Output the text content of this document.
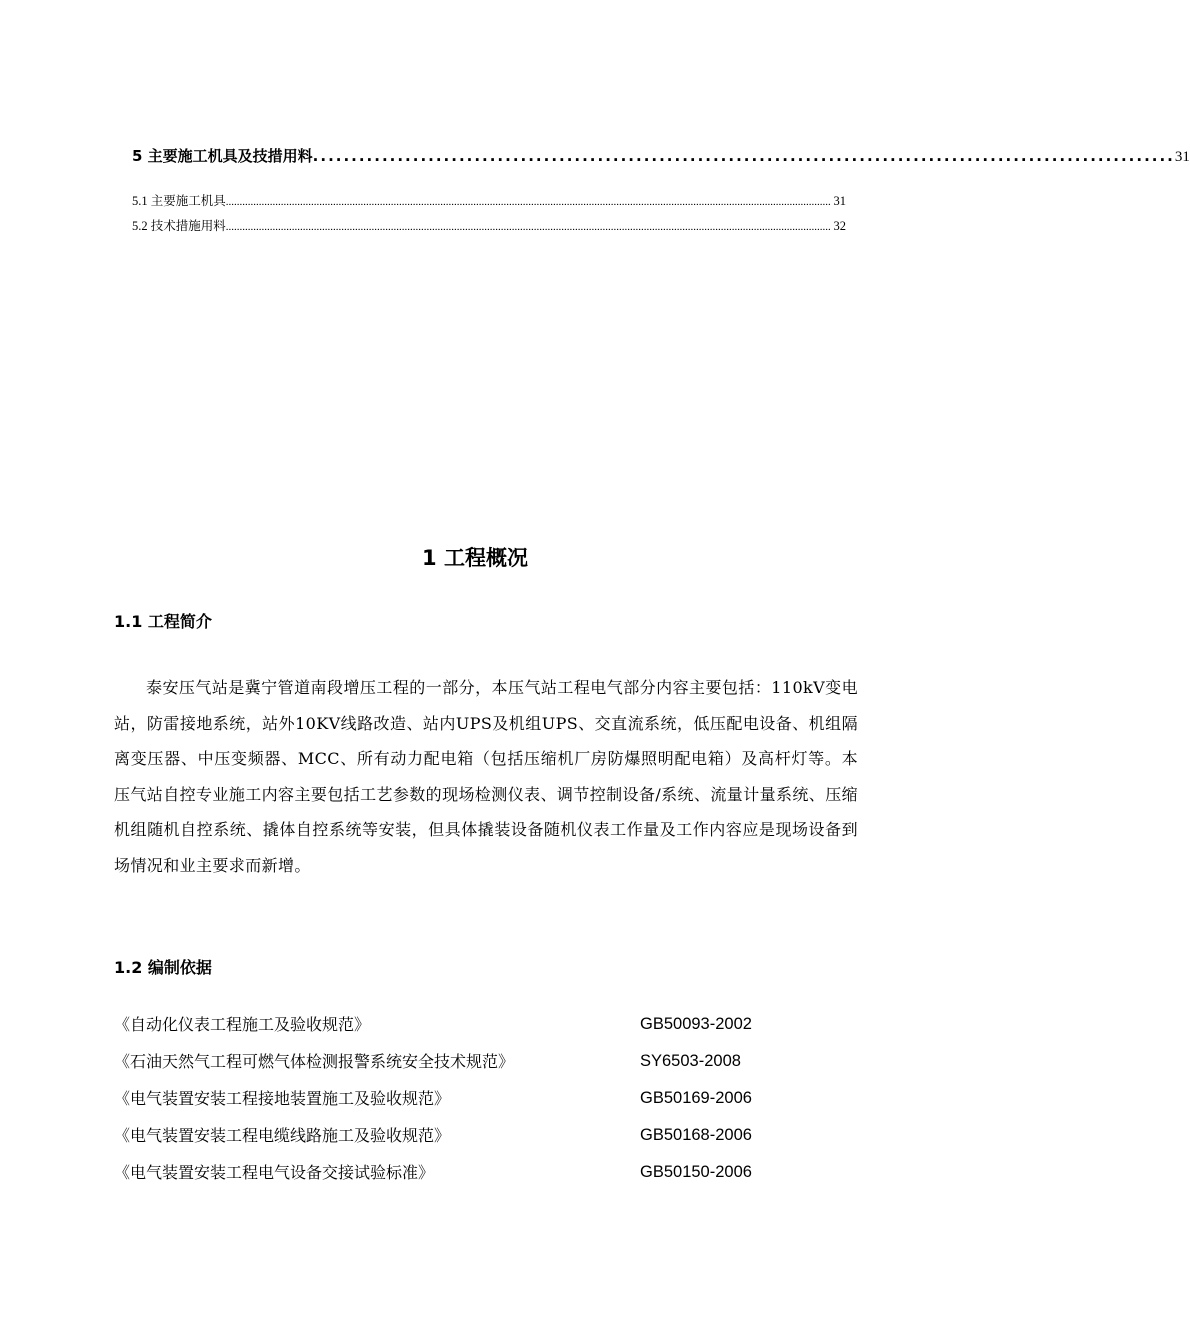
5 主要施工机具及技措用料 ................................................................................................................ 31
5.1 主要施工机具 ............................................................................................................................................................................................................................ 31
5.2 技术措施用料 ............................................................................................................................................................................................................................ 32
1 工程概况
1.1 工程简介
泰安压气站是冀宁管道南段增压工程的一部分，本压气站工程电气部分内容主要包括：110kV变电站，防雷接地系统，站外10KV线路改造、站内UPS及机组UPS、交直流系统，低压配电设备、机组隔离变压器、中压变频器、MCC、所有动力配电箱（包括压缩机厂房防爆照明配电箱）及高杆灯等。本压气站自控专业施工内容主要包括工艺参数的现场检测仪表、调节控制设备/系统、流量计量系统、压缩机组随机自控系统、撬体自控系统等安装，但具体撬装设备随机仪表工作量及工作内容应是现场设备到场情况和业主要求而新增。
1.2 编制依据
《自动化仪表工程施工及验收规范》	GB50093-2002
《石油天然气工程可燃气体检测报警系统安全技术规范》	SY6503-2008
《电气装置安装工程接地装置施工及验收规范》	GB50169-2006
《电气装置安装工程电缆线路施工及验收规范》	GB50168-2006
《电气装置安装工程电气设备交接试验标准》	GB50150-2006
